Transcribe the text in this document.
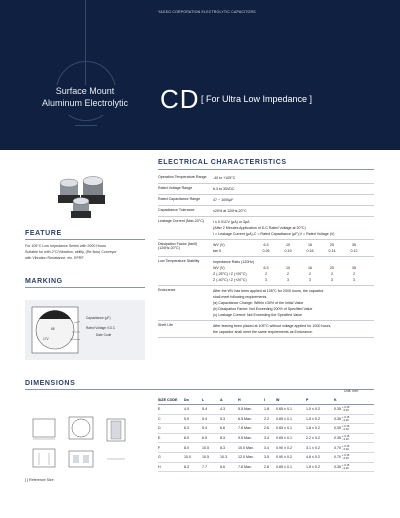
YAGEO CORPORATION ELECTROLYTIC CAPACITORS
Surface Mount
Aluminum Electrolytic	CD [ For Ultra Low Impedance ]
ELECTRICAL CHARACTERISTICS
FEATURE
For 105°C Low Impedance Series with 2000 Hours
Suitable for with 2°C/Vibration, ability, (Re-flow) Conveyor
with Vibration Resistance, etc. EPRF
MARKING
68
17V
Capacitance (µF)
Rated Voltage V.D.C
Date Code
Operation Temperature Range	-40 to +105°C
Rated Voltage Range	6.3 to 35VDC
Rated Capacitance Range	47 ~ 1000µF
Capacitance Tolerance	±20% at 120Hz,20°C
Leakage Current (Max.20°C)	I ≤ 0.01CV (µA) or 3µA
(After 2 Minutes Application of D.C Rated Voltage at 20°C)
I = Leakage Current (µA),C = Rated Capacitance (µF),V = Rated Voltage (V)
Dissipation Factor (tanδ)
(120Hz,20°C)
WV (V)	6.3	10	16	25	35
tan δ	0.26	0.19	0.16	0.14	0.12
Low Temperature Stability	Impedance Ratio (120Hz)
WV (V)	6.3	10	16	25	35
Z (-25°C) / Z (+20°C)	2	2	2	2	2
Z (-40°C) / Z (+20°C)	3	3	3	3	3
Endurance	After the WV has been applied at 105°C for 2000 hours, the capacitor
shall meet following requirements.
(a) Capacitance Change: Within ±30% of the Initial Value
(b) Dissipation Factor: Not Exceeding 200% of Specified Value
(c) Leakage Current: Not Exceeding the Specified Value
Shelf Life	After leaving been placed at 105°C without voltage applied for 1000 hours,
the capacitor shall meet the same requirements as Endurance.
DIMENSIONS
Unit: mm
[ ] Reference Size
SIZE CODE	Do	L	A	H	I	W	P	K
E	4.0	5.4	4.3	5.5 Max.	1.8	0.65 ± 0.1	1.0 ± 0.2	0.35 + 0.15
- 0.20

C	5.0	5.4	5.3	6.5 Max.	2.2	0.65 ± 0.1	1.5 ± 0.2	0.35 + 0.15
- 0.20

D	6.3	5.4	6.6	7.8 Max.	2.6	0.65 ± 0.1	1.8 ± 0.2	0.35 + 0.15
- 0.20

E	8.0	6.5	8.3	9.5 Max.	3.4	0.65 ± 0.1	2.2 ± 0.2	0.35 + 0.15
- 0.20

F	8.0	10.5	8.3	10.0 Max.	3.4	0.90 ± 0.2	3.1 ± 0.2	0.70 + 0.15
- 0.20

G	10.0	10.5	10.3	12.0 Max.	3.5	0.90 ± 0.2	4.6 ± 0.2	0.70 + 0.15
- 0.20

H	6.3	7.7	6.6	7.8 Max.	2.6	0.65 ± 0.1	1.8 ± 0.2	0.35 + 0.15
- 0.20
